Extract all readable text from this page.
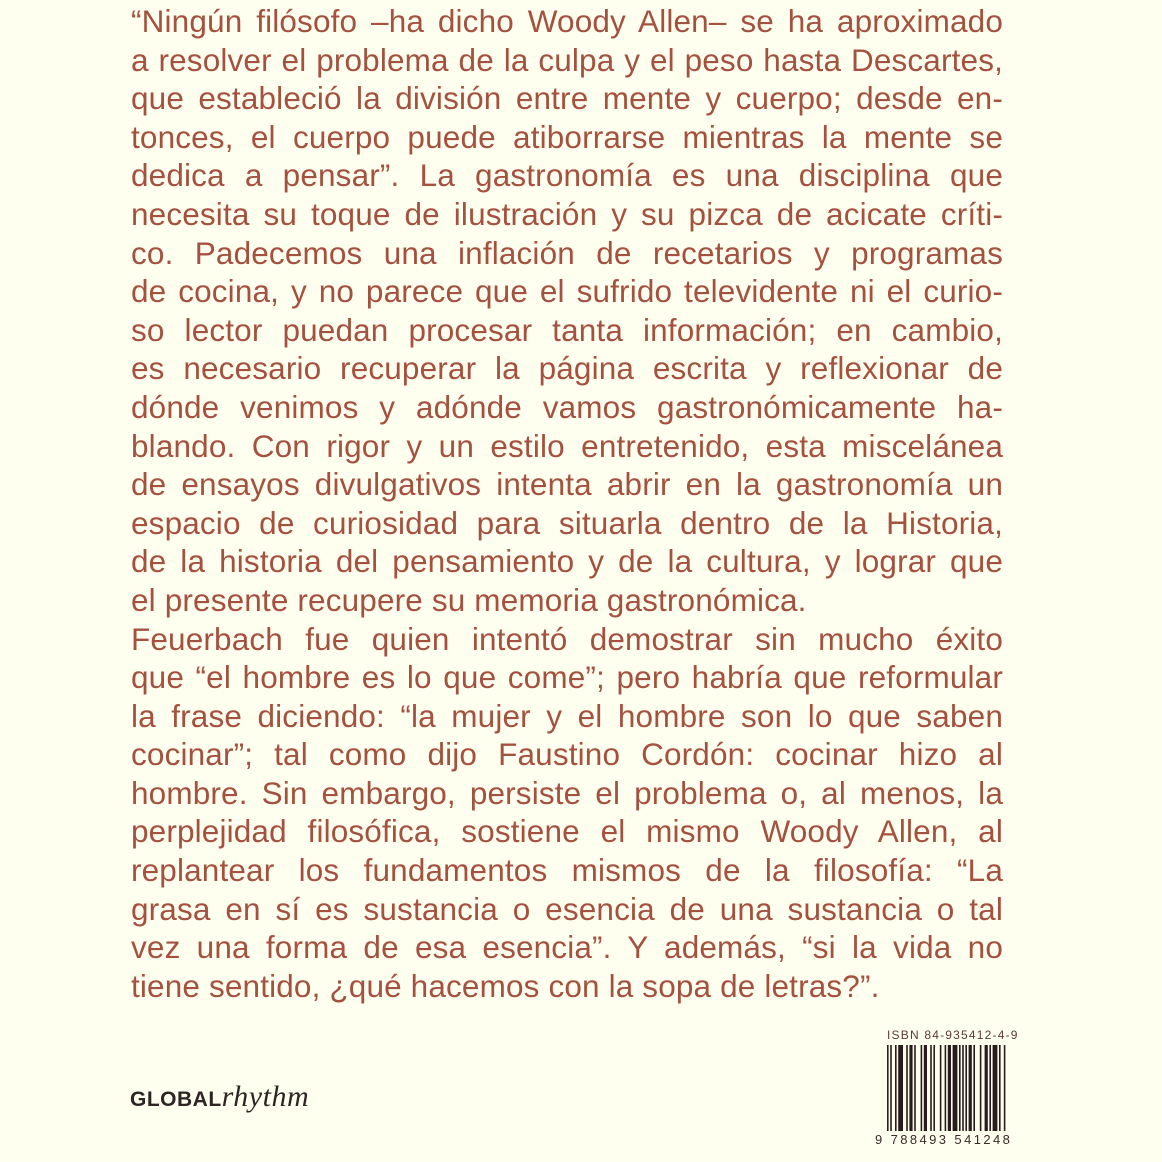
“Ningún filósofo –ha dicho Woody Allen– se ha aproximado
a resolver el problema de la culpa y el peso hasta Descartes,
que estableció la división entre mente y cuerpo; desde en-
tonces, el cuerpo puede atiborrarse mientras la mente se
dedica a pensar”. La gastronomía es una disciplina que
necesita su toque de ilustración y su pizca de acicate críti-
co. Padecemos una inflación de recetarios y programas
de cocina, y no parece que el sufrido televidente ni el curio-
so lector puedan procesar tanta información; en cambio,
es necesario recuperar la página escrita y reflexionar de
dónde venimos y adónde vamos gastronómicamente ha-
blando. Con rigor y un estilo entretenido, esta miscelánea
de ensayos divulgativos intenta abrir en la gastronomía un
espacio de curiosidad para situarla dentro de la Historia,
de la historia del pensamiento y de la cultura, y lograr que
el presente recupere su memoria gastronómica.
Feuerbach fue quien intentó demostrar sin mucho éxito
que “el hombre es lo que come”; pero habría que reformular
la frase diciendo: “la mujer y el hombre son lo que saben
cocinar”; tal como dijo Faustino Cordón: cocinar hizo al
hombre. Sin embargo, persiste el problema o, al menos, la
perplejidad filosófica, sostiene el mismo Woody Allen, al
replantear los fundamentos mismos de la filosofía: “La
grasa en sí es sustancia o esencia de una sustancia o tal
vez una forma de esa esencia”. Y además, “si la vida no
tiene sentido, ¿qué hacemos con la sopa de letras?”.
GLOBAL rhythm
ISBN 84-935412-4-9
9 788493 541248
